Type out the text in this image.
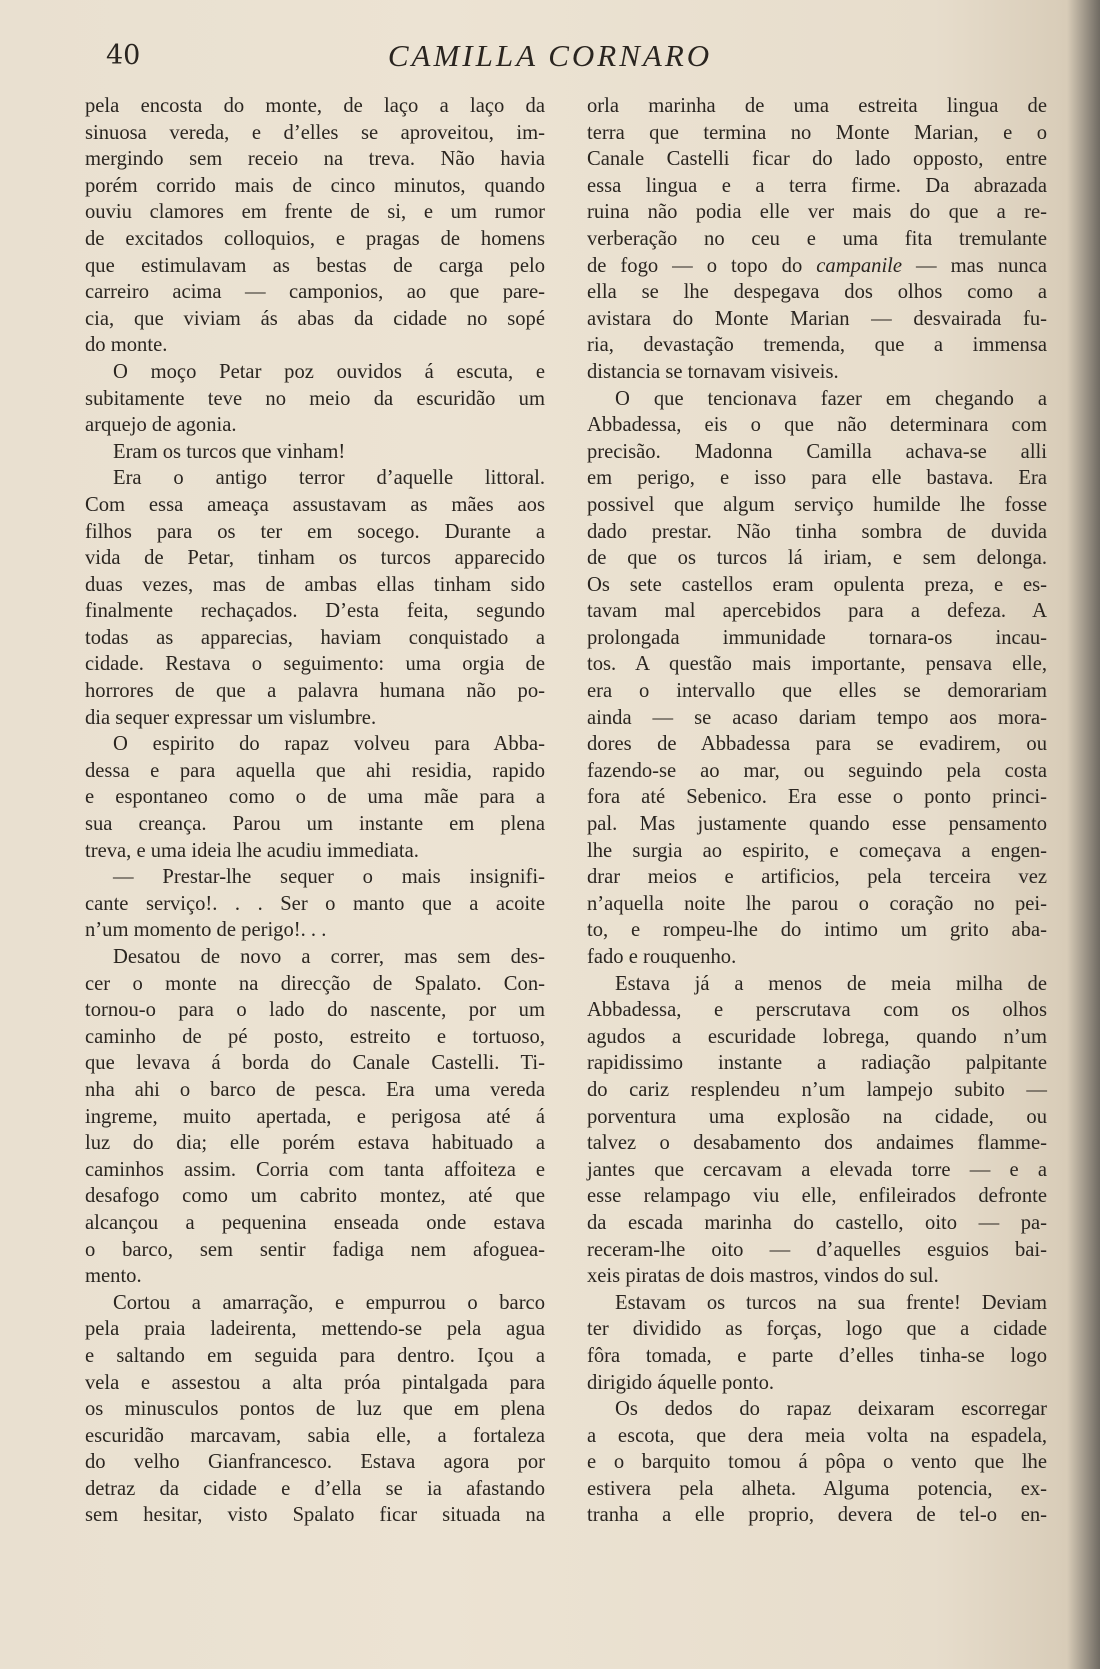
40	CAMILLA CORNARO
pela encosta do monte, de laço a laço da
sinuosa vereda, e d’elles se aproveitou, im-
mergindo sem receio na treva. Não havia
porém corrido mais de cinco minutos, quando
ouviu clamores em frente de si, e um rumor
de excitados colloquios, e pragas de homens
que estimulavam as bestas de carga pelo
carreiro acima — camponios, ao que pare-
cia, que viviam ás abas da cidade no sopé
do monte.
O moço Petar poz ouvidos á escuta, e
subitamente teve no meio da escuridão um
arquejo de agonia.
Eram os turcos que vinham!
Era o antigo terror d’aquelle littoral.
Com essa ameaça assustavam as mães aos
filhos para os ter em socego. Durante a
vida de Petar, tinham os turcos apparecido
duas vezes, mas de ambas ellas tinham sido
finalmente rechaçados. D’esta feita, segundo
todas as apparecias, haviam conquistado a
cidade. Restava o seguimento: uma orgia de
horrores de que a palavra humana não po-
dia sequer expressar um vislumbre.
O espirito do rapaz volveu para Abba-
dessa e para aquella que ahi residia, rapido
e espontaneo como o de uma mãe para a
sua creança. Parou um instante em plena
treva, e uma ideia lhe acudiu immediata.
— Prestar-lhe sequer o mais insignifi-
cante serviço!. . . Ser o manto que a acoite
n’um momento de perigo!. . .
Desatou de novo a correr, mas sem des-
cer o monte na direcção de Spalato. Con-
tornou-o para o lado do nascente, por um
caminho de pé posto, estreito e tortuoso,
que levava á borda do Canale Castelli. Ti-
nha ahi o barco de pesca. Era uma vereda
ingreme, muito apertada, e perigosa até á
luz do dia; elle porém estava habituado a
caminhos assim. Corria com tanta affoiteza e
desafogo como um cabrito montez, até que
alcançou a pequenina enseada onde estava
o barco, sem sentir fadiga nem afoguea-
mento.
Cortou a amarração, e empurrou o barco
pela praia ladeirenta, mettendo-se pela agua
e saltando em seguida para dentro. Içou a
vela e assestou a alta próa pintalgada para
os minusculos pontos de luz que em plena
escuridão marcavam, sabia elle, a fortaleza
do velho Gianfrancesco. Estava agora por
detraz da cidade e d’ella se ia afastando
sem hesitar, visto Spalato ficar situada na
orla marinha de uma estreita lingua de
terra que termina no Monte Marian, e o
Canale Castelli ficar do lado opposto, entre
essa lingua e a terra firme. Da abrazada
ruina não podia elle ver mais do que a re-
verberação no ceu e uma fita tremulante
de fogo — o topo do campanile — mas nunca
ella se lhe despegava dos olhos como a
avistara do Monte Marian — desvairada fu-
ria, devastação tremenda, que a immensa
distancia se tornavam visiveis.
O que tencionava fazer em chegando a
Abbadessa, eis o que não determinara com
precisão. Madonna Camilla achava-se alli
em perigo, e isso para elle bastava. Era
possivel que algum serviço humilde lhe fosse
dado prestar. Não tinha sombra de duvida
de que os turcos lá iriam, e sem delonga.
Os sete castellos eram opulenta preza, e es-
tavam mal apercebidos para a defeza. A
prolongada immunidade tornara-os incau-
tos. A questão mais importante, pensava elle,
era o intervallo que elles se demorariam
ainda — se acaso dariam tempo aos mora-
dores de Abbadessa para se evadirem, ou
fazendo-se ao mar, ou seguindo pela costa
fora até Sebenico. Era esse o ponto princi-
pal. Mas justamente quando esse pensamento
lhe surgia ao espirito, e começava a engen-
drar meios e artificios, pela terceira vez
n’aquella noite lhe parou o coração no pei-
to, e rompeu-lhe do intimo um grito aba-
fado e rouquenho.
Estava já a menos de meia milha de
Abbadessa, e perscrutava com os olhos
agudos a escuridade lobrega, quando n’um
rapidissimo instante a radiação palpitante
do cariz resplendeu n’um lampejo subito —
porventura uma explosão na cidade, ou
talvez o desabamento dos andaimes flamme-
jantes que cercavam a elevada torre — e a
esse relampago viu elle, enfileirados defronte
da escada marinha do castello, oito — pa-
receram-lhe oito — d’aquelles esguios bai-
xeis piratas de dois mastros, vindos do sul.
Estavam os turcos na sua frente! Deviam
ter dividido as forças, logo que a cidade
fôra tomada, e parte d’elles tinha-se logo
dirigido áquelle ponto.
Os dedos do rapaz deixaram escorregar
a escota, que dera meia volta na espadela,
e o barquito tomou á pôpa o vento que lhe
estivera pela alheta. Alguma potencia, ex-
tranha a elle proprio, devera de tel-o en-
